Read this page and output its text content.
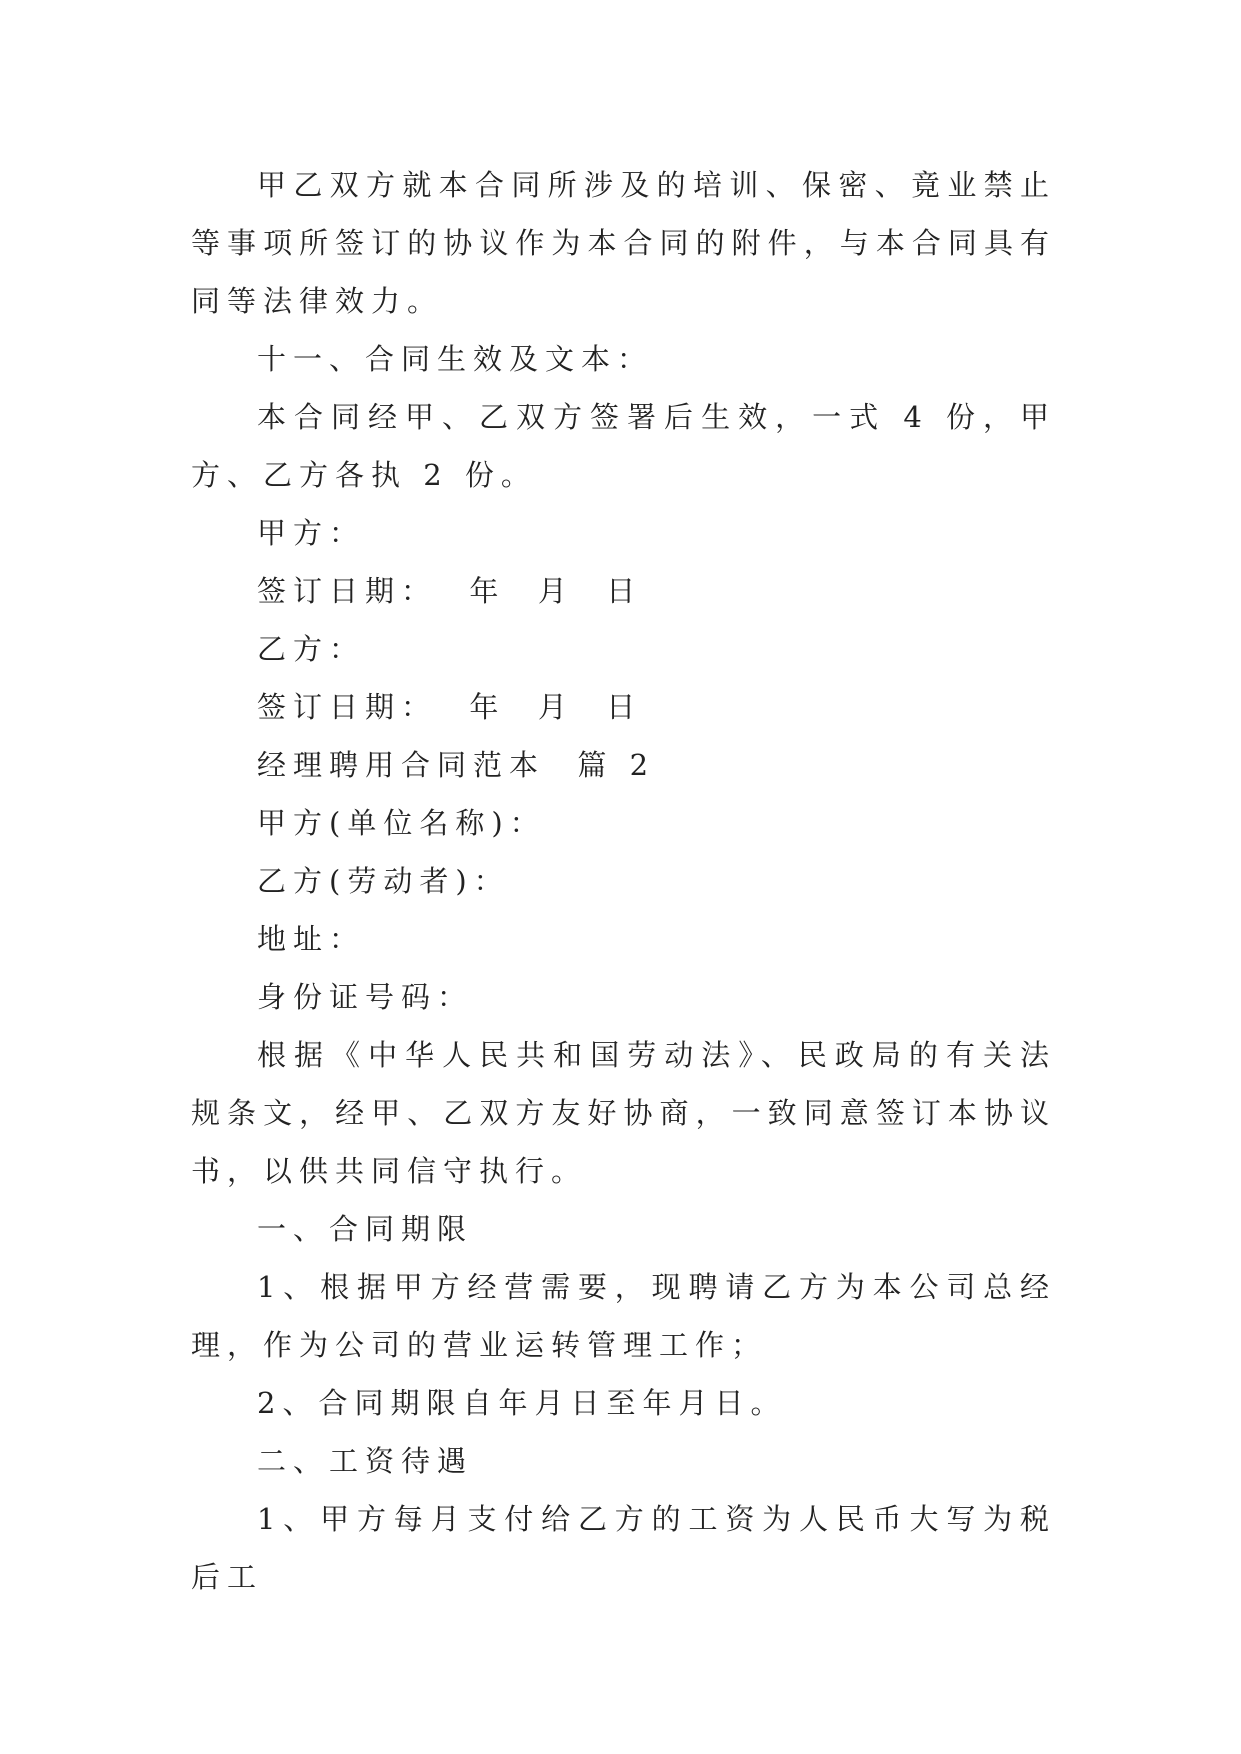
甲乙双方就本合同所涉及的培训、保密、竟业禁止等事项所签订的协议作为本合同的附件，与本合同具有同等法律效力。

十一、合同生效及文本：

本合同经甲、乙双方签署后生效，一式 4 份，甲方、乙方各执 2 份。

甲方：

签订日期：  年  月  日

乙方：

签订日期：  年  月  日

经理聘用合同范本  篇 2

甲方(单位名称)：

乙方(劳动者)：

地址：

身份证号码：

根据《中华人民共和国劳动法》、民政局的有关法规条文，经甲、乙双方友好协商，一致同意签订本协议书，以供共同信守执行。

一、合同期限

1、根据甲方经营需要，现聘请乙方为本公司总经理，作为公司的营业运转管理工作；

2、合同期限自年月日至年月日。

二、工资待遇

1、甲方每月支付给乙方的工资为人民币大写为税后工
